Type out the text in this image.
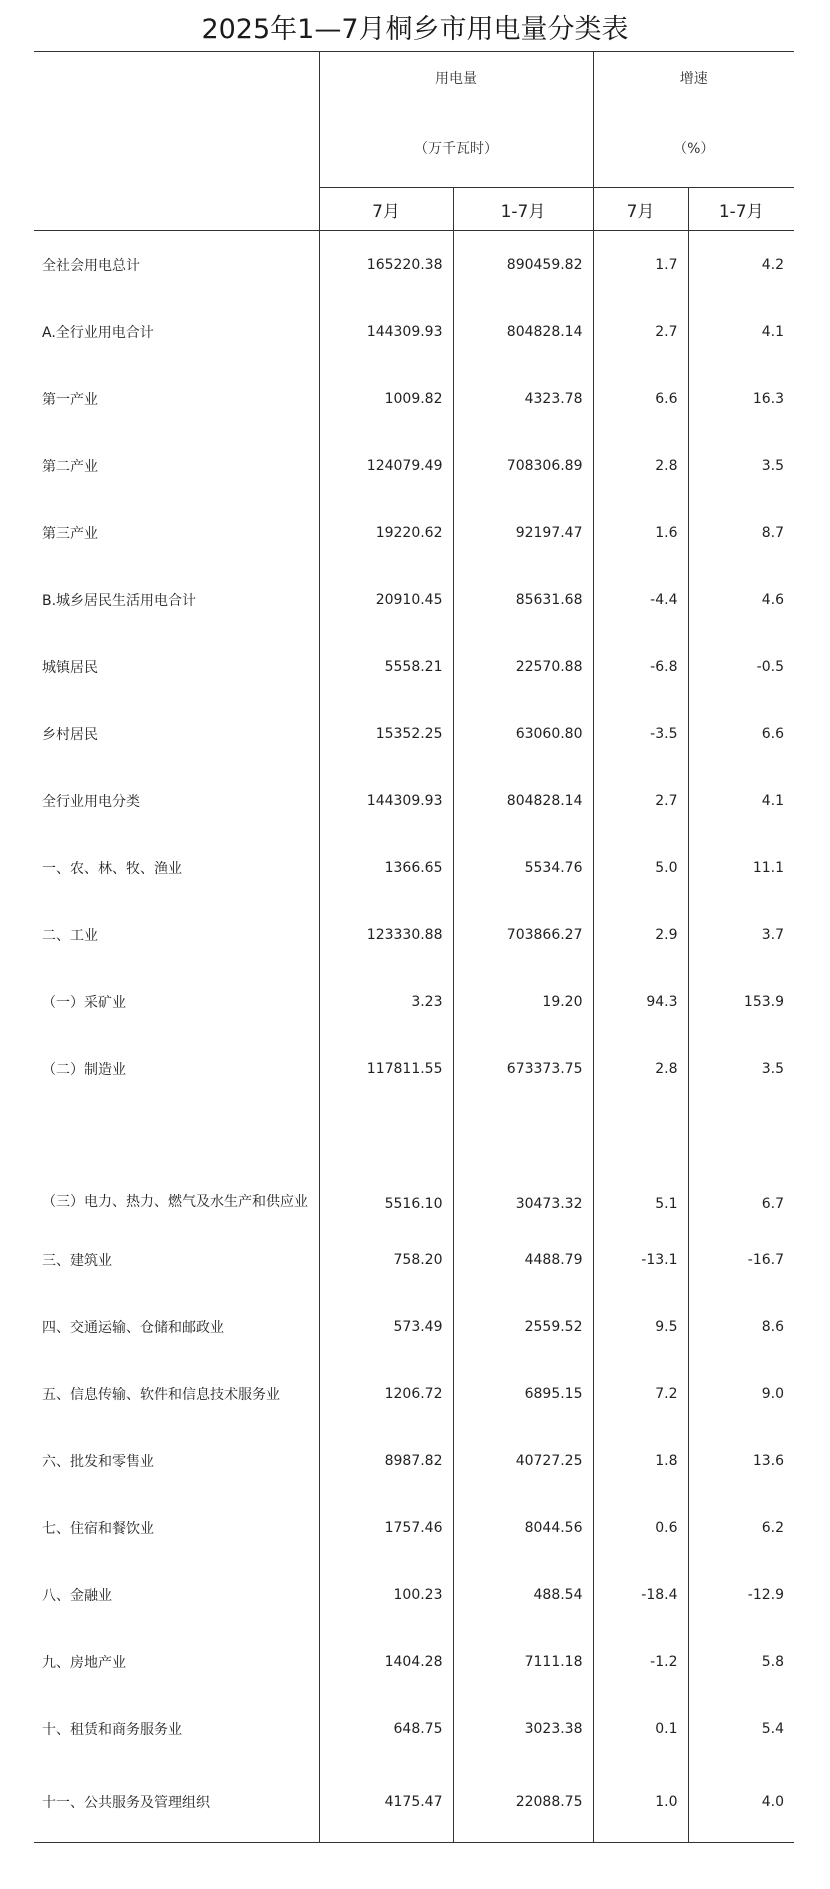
2025年1—7月桐乡市用电量分类表

	用电量
（万千瓦时）		增速
（%）	

	7月	1-7月	7月	1-7月
全社会用电总计	165220.38	890459.82	1.7	4.2
A.全行业用电合计	144309.93	804828.14	2.7	4.1
第一产业	1009.82	4323.78	6.6	16.3
第二产业	124079.49	708306.89	2.8	3.5
第三产业	19220.62	92197.47	1.6	8.7
B.城乡居民生活用电合计	20910.45	85631.68	-4.4	4.6
城镇居民	5558.21	22570.88	-6.8	-0.5
乡村居民	15352.25	63060.80	-3.5	6.6
全行业用电分类	144309.93	804828.14	2.7	4.1
一、农、林、牧、渔业	1366.65	5534.76	5.0	11.1
二、工业	123330.88	703866.27	2.9	3.7
（一）采矿业	3.23	19.20	94.3	153.9
（二）制造业	117811.55	673373.75	2.8	3.5
（三）电力、热力、燃气及水生产和供应业	5516.10	30473.32	5.1	6.7
三、建筑业	758.20	4488.79	-13.1	-16.7
四、交通运输、仓储和邮政业	573.49	2559.52	9.5	8.6
五、信息传输、软件和信息技术服务业	1206.72	6895.15	7.2	9.0
六、批发和零售业	8987.82	40727.25	1.8	13.6
七、住宿和餐饮业	1757.46	8044.56	0.6	6.2
八、金融业	100.23	488.54	-18.4	-12.9
九、房地产业	1404.28	7111.18	-1.2	5.8
十、租赁和商务服务业	648.75	3023.38	0.1	5.4
十一、公共服务及管理组织	4175.47	22088.75	1.0	4.0
